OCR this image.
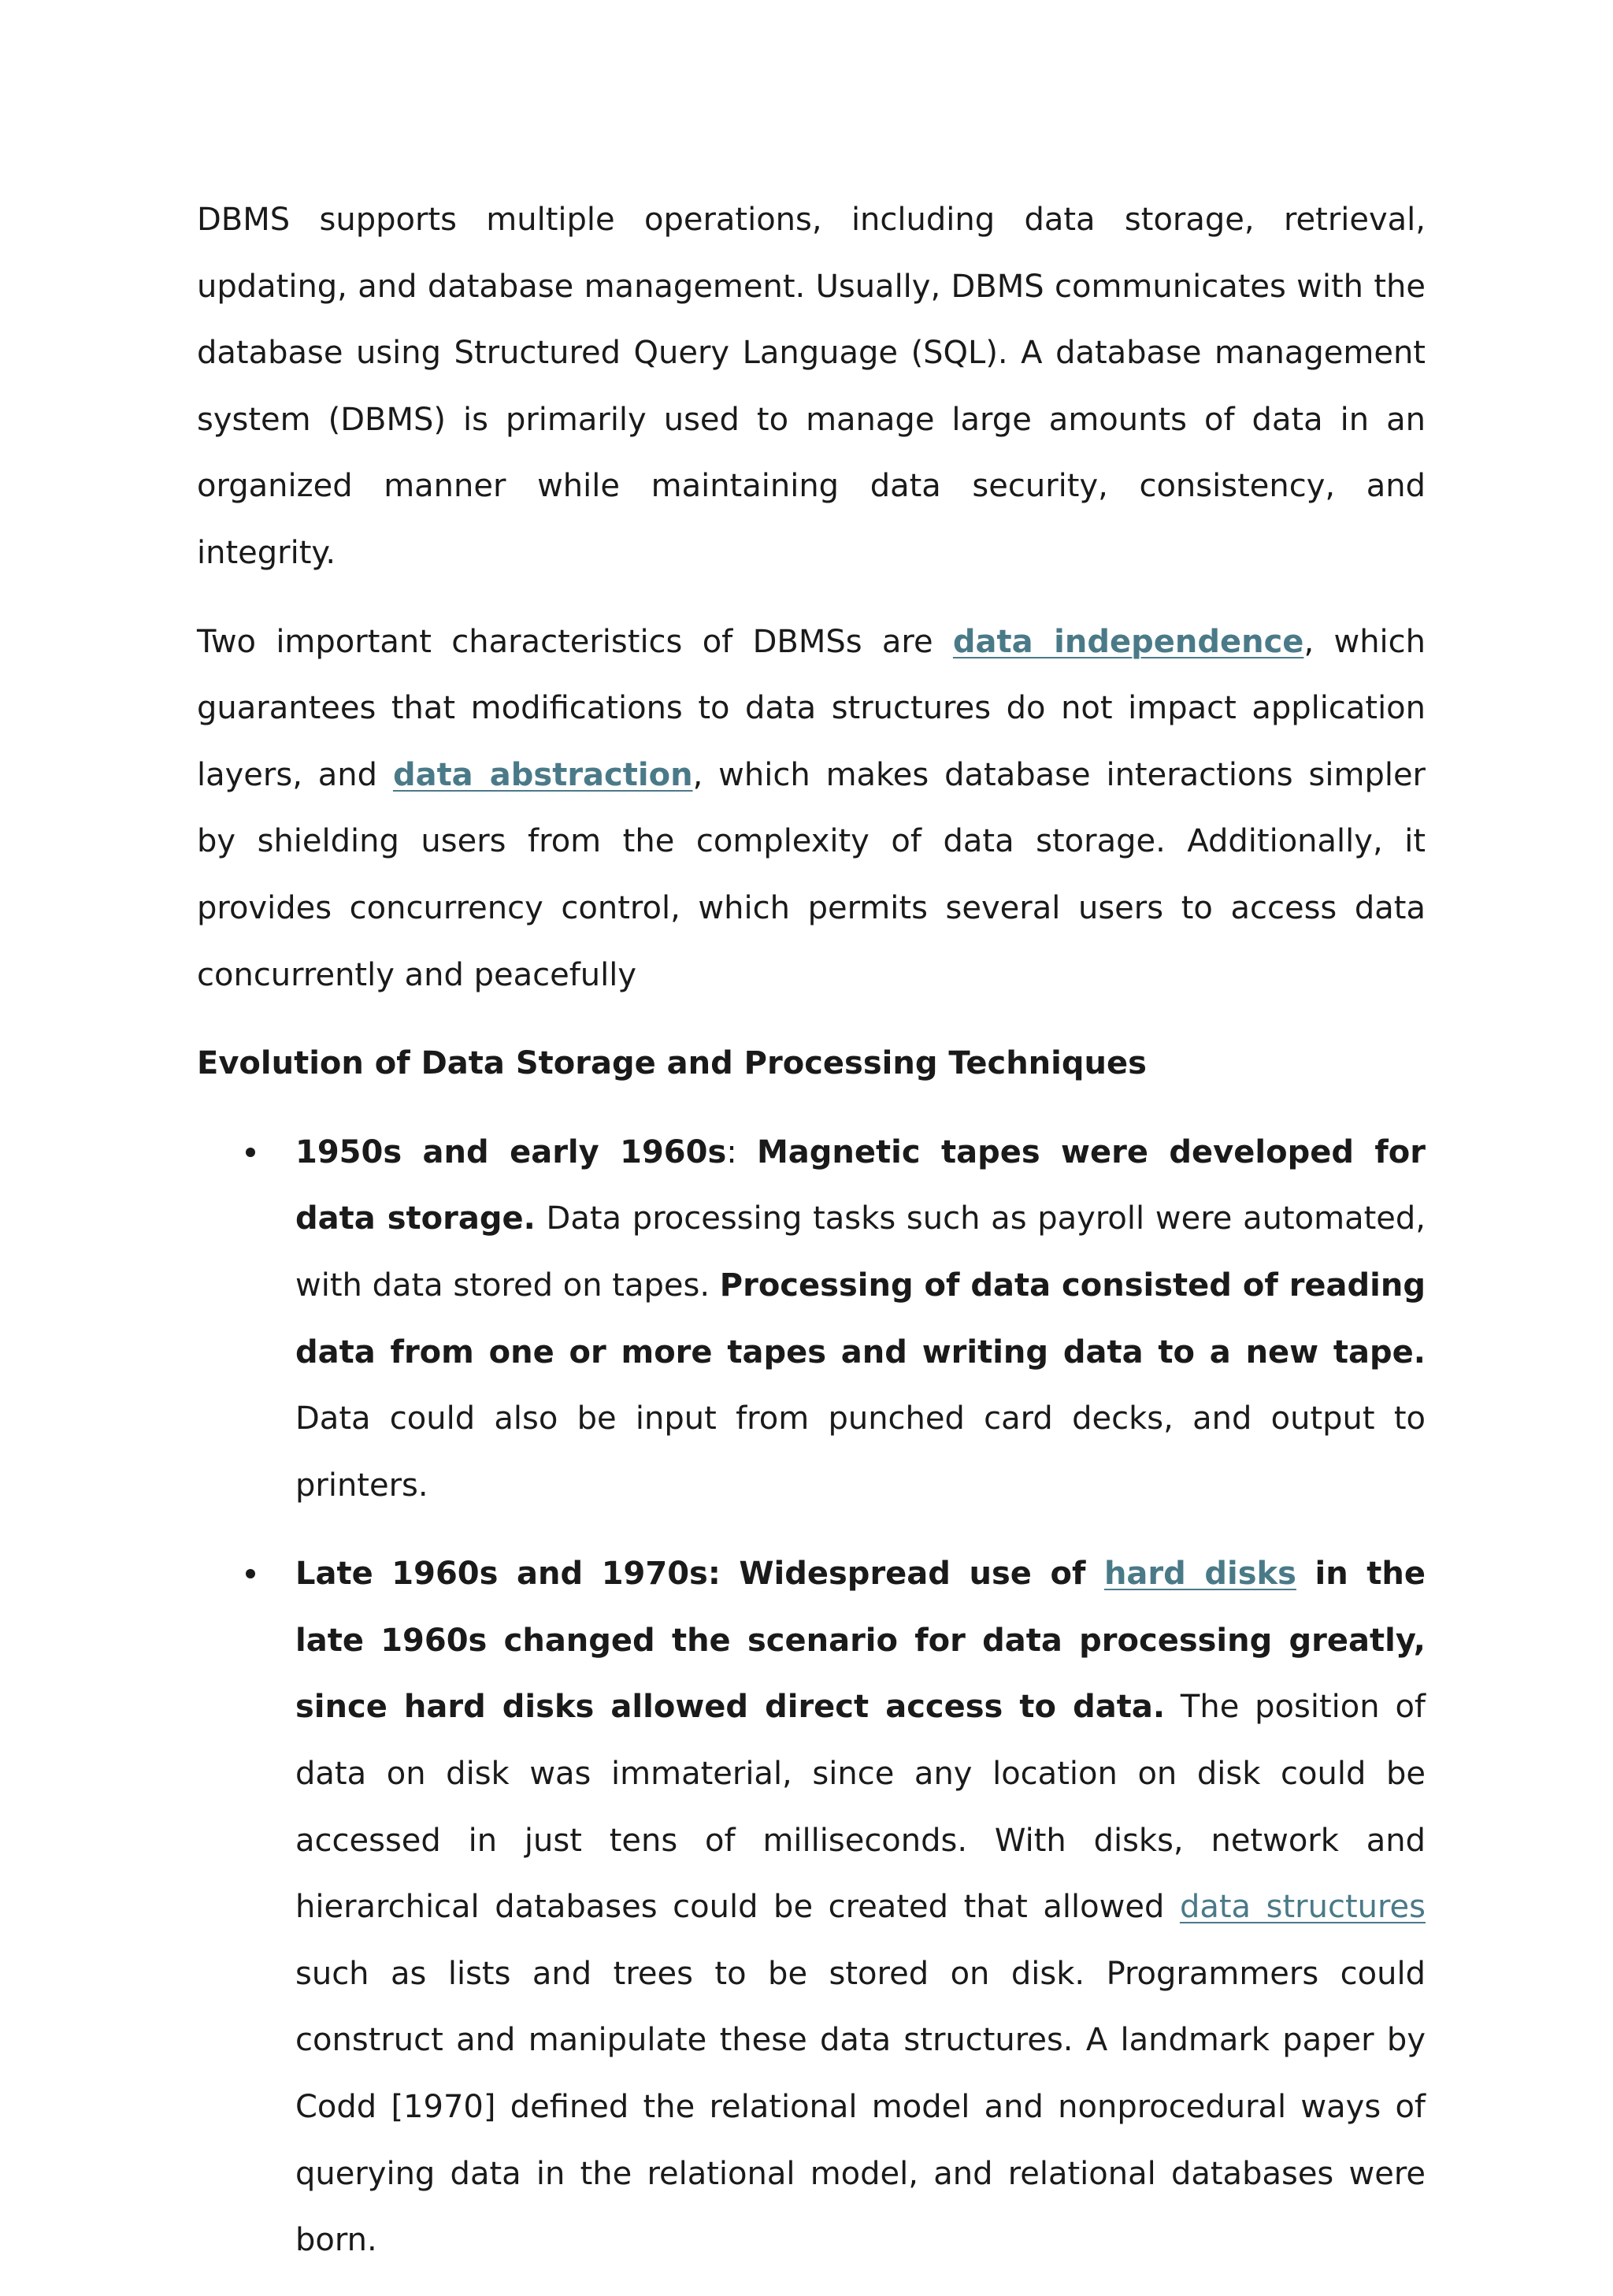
DBMS supports multiple operations, including data storage, retrieval, updating, and database management. Usually, DBMS communicates with the database using Structured Query Language (SQL). A database management system (DBMS) is primarily used to manage large amounts of data in an organized manner while maintaining data security, consistency, and integrity.

Two important characteristics of DBMSs are data independence, which guarantees that modifications to data structures do not impact application layers, and data abstraction, which makes database interactions simpler by shielding users from the complexity of data storage. Additionally, it provides concurrency control, which permits several users to access data concurrently and peacefully

Evolution of Data Storage and Processing Techniques

1950s and early 1960s: Magnetic tapes were developed for data storage. Data processing tasks such as payroll were automated, with data stored on tapes. Processing of data consisted of reading data from one or more tapes and writing data to a new tape. Data could also be input from punched card decks, and output to printers.

Late 1960s and 1970s: Widespread use of hard disks in the late 1960s changed the scenario for data processing greatly, since hard disks allowed direct access to data. The position of data on disk was immaterial, since any location on disk could be accessed in just tens of milliseconds. With disks, network and hierarchical databases could be created that allowed data structures such as lists and trees to be stored on disk. Programmers could construct and manipulate these data structures. A landmark paper by Codd [1970] defined the relational model and nonprocedural ways of querying data in the relational model, and relational databases were born.
